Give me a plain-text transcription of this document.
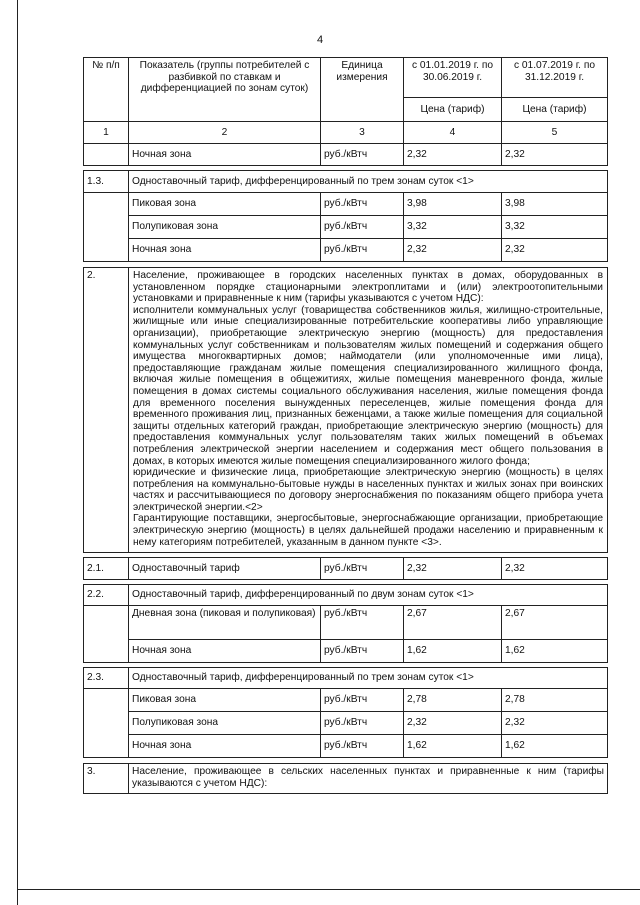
4
№ п/п	Показатель (группы потребителей с разбивкой по ставкам и дифференциацией по зонам суток)	Единица измерения	с 01.01.2019 г. по 30.06.2019 г.	с 01.07.2019 г. по 31.12.2019 г.
			Цена (тариф)	Цена (тариф)
1	2	3	4	5
	Ночная зона	руб./кВтч	2,32	2,32

1.3.	Одноставочный тариф, дифференцированный по трем зонам суток <1>			
	Пиковая зона	руб./кВтч	3,98	3,98
	Полупиковая зона	руб./кВтч	3,32	3,32
	Ночная зона	руб./кВтч	2,32	2,32

2.	Население, проживающее в городских населенных пунктах в домах, оборудованных в установленном порядке стационарными электроплитами и (или) электроотопительными установками и приравненные к ним (тарифы указываются с учетом НДС):
исполнители коммунальных услуг (товарищества собственников жилья, жилищно-строительные, жилищные или иные специализированные потребительские кооперативы либо управляющие организации), приобретающие электрическую энергию (мощность) для предоставления коммунальных услуг собственникам и пользователям жилых помещений и содержания общего имущества многоквартирных домов; наймодатели (или уполномоченные ими лица), предоставляющие гражданам жилые помещения специализированного жилищного фонда, включая жилые помещения в общежитиях, жилые помещения маневренного фонда, жилые помещения в домах системы социального обслуживания населения, жилые помещения фонда для временного поселения вынужденных переселенцев, жилые помещения фонда для временного проживания лиц, признанных беженцами, а также жилые помещения для социальной защиты отдельных категорий граждан, приобретающие электрическую энергию (мощность) для предоставления коммунальных услуг пользователям таких жилых помещений в объемах потребления электрической энергии населением и содержания мест общего пользования в домах, в которых имеются жилые помещения специализированного жилого фонда;
юридические и физические лица, приобретающие электрическую энергию (мощность) в целях потребления на коммунально-бытовые нужды в населенных пунктах и жилых зонах при воинских частях и рассчитывающиеся по договору энергоснабжения по показаниям общего прибора учета электрической энергии.<2>
Гарантирующие поставщики, энергосбытовые, энергоснабжающие организации, приобретающие электрическую энергию (мощность) в целях дальнейшей продажи населению и приравненным к нему категориям потребителей, указанным в данном пункте <3>.			

2.1.	Одноставочный тариф	руб./кВтч	2,32	2,32

2.2.	Одноставочный тариф, дифференцированный по двум зонам суток <1>			
	Дневная зона (пиковая и полупиковая)	руб./кВтч	2,67	2,67
	Ночная зона	руб./кВтч	1,62	1,62

2.3.	Одноставочный тариф, дифференцированный по трем зонам суток <1>			
	Пиковая зона	руб./кВтч	2,78	2,78
	Полупиковая зона	руб./кВтч	2,32	2,32
	Ночная зона	руб./кВтч	1,62	1,62

3.	Население, проживающее в сельских населенных пунктах и приравненные к ним (тарифы указываются с учетом НДС):			
